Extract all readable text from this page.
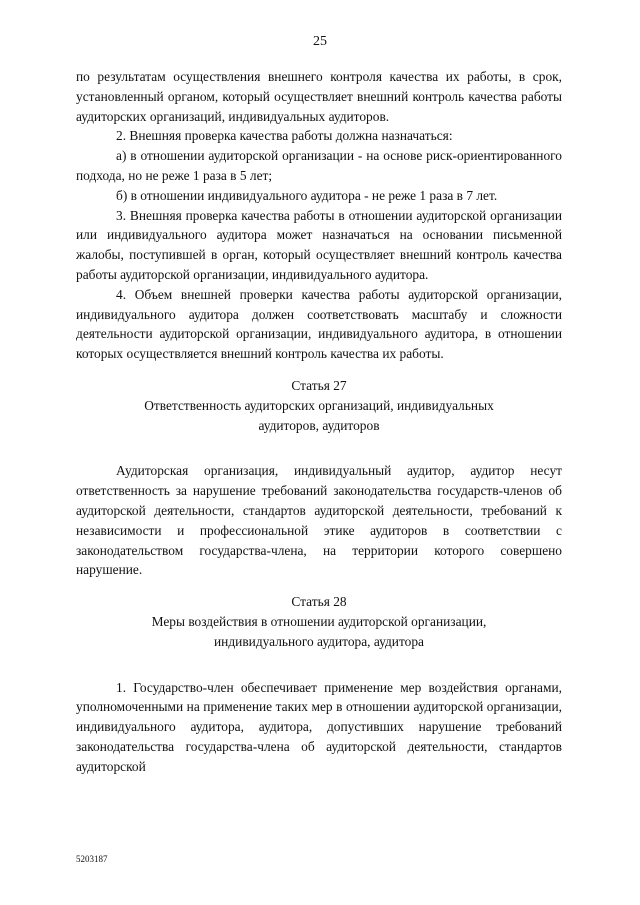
25

по результатам осуществления внешнего контроля качества их работы, в срок, установленный органом, который осуществляет внешний контроль качества работы аудиторских организаций, индивидуальных аудиторов.

2. Внешняя проверка качества работы должна назначаться:

а) в отношении аудиторской организации - на основе риск-ориентированного подхода, но не реже 1 раза в 5 лет;

б) в отношении индивидуального аудитора - не реже 1 раза в 7 лет.

3. Внешняя проверка качества работы в отношении аудиторской организации или индивидуального аудитора может назначаться на основании письменной жалобы, поступившей в орган, который осуществляет внешний контроль качества работы аудиторской организации, индивидуального аудитора.

4. Объем внешней проверки качества работы аудиторской организации, индивидуального аудитора должен соответствовать масштабу и сложности деятельности аудиторской организации, индивидуального аудитора, в отношении которых осуществляется внешний контроль качества их работы.

Статья 27

Ответственность аудиторских организаций, индивидуальных

аудиторов, аудиторов

Аудиторская организация, индивидуальный аудитор, аудитор несут ответственность за нарушение требований законодательства государств-членов об аудиторской деятельности, стандартов аудиторской деятельности, требований к независимости и профессиональной этике аудиторов в соответствии с законодательством государства-члена, на территории которого совершено нарушение.

Статья 28

Меры воздействия в отношении аудиторской организации,

индивидуального аудитора, аудитора

1. Государство-член обеспечивает применение мер воздействия органами, уполномоченными на применение таких мер в отношении аудиторской организации, индивидуального аудитора, аудитора, допустивших нарушение требований законодательства государства-члена об аудиторской деятельности, стандартов аудиторской

5203187
